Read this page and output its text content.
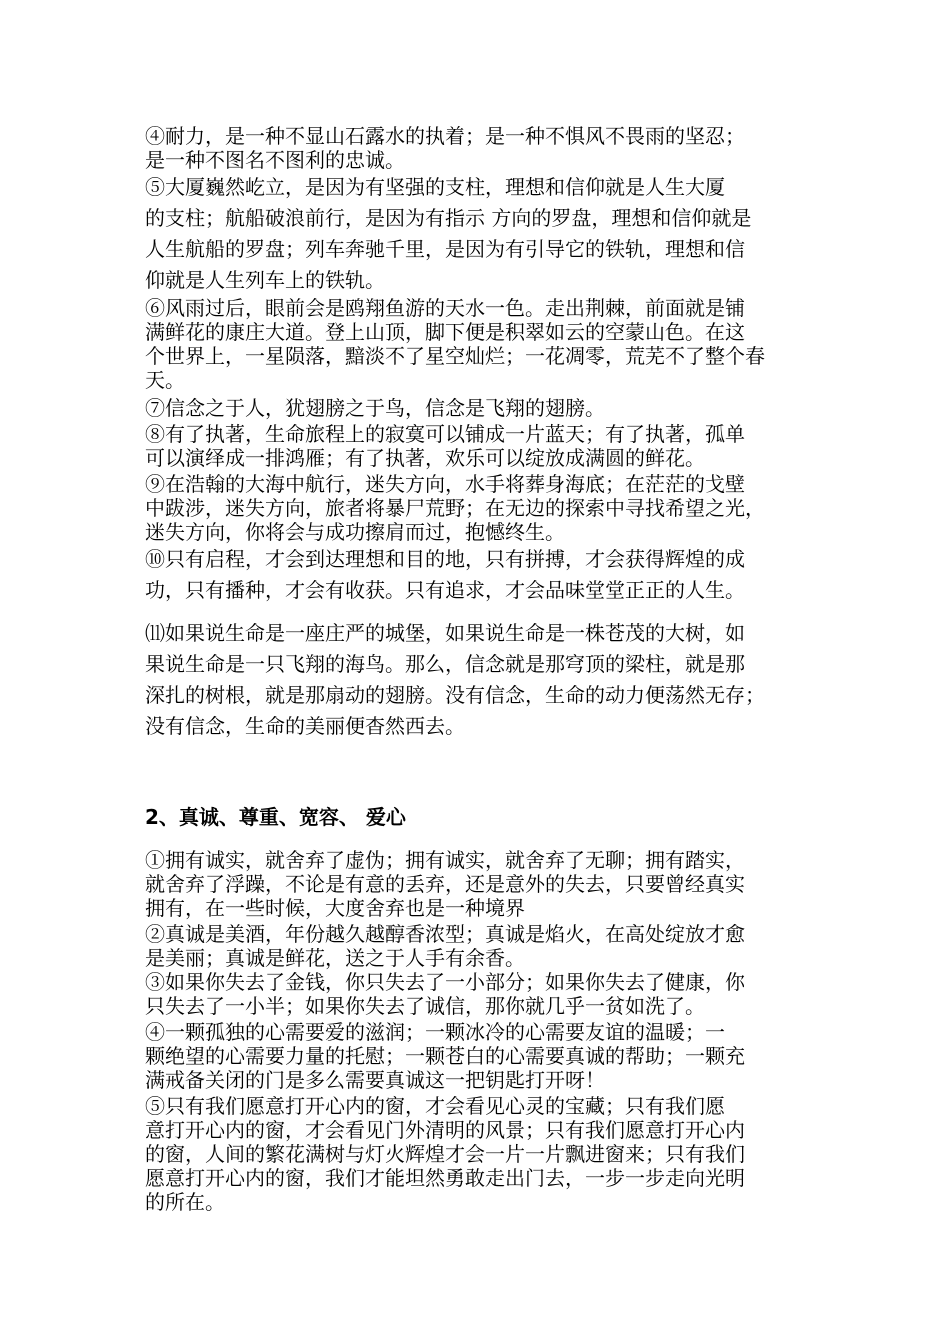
④耐力，是一种不显山石露水的执着；是一种不惧风不畏雨的坚忍；
是一种不图名不图利的忠诚。

⑤大厦巍然屹立，是因为有坚强的支柱，理想和信仰就是人生大厦
的支柱；航船破浪前行，是因为有指示 方向的罗盘，理想和信仰就是
人生航船的罗盘；列车奔驰千里，是因为有引导它的铁轨，理想和信
仰就是人生列车上的铁轨。

⑥风雨过后，眼前会是鸥翔鱼游的天水一色。走出荆棘，前面就是铺
满鲜花的康庄大道。登上山顶，脚下便是积翠如云的空蒙山色。在这
个世界上，一星陨落，黯淡不了星空灿烂；一花凋零，荒芜不了整个春
天。

⑦信念之于人，犹翅膀之于鸟，信念是飞翔的翅膀。

⑧有了执著，生命旅程上的寂寞可以铺成一片蓝天；有了执著，孤单
可以演绎成一排鸿雁；有了执著，欢乐可以绽放成满圆的鲜花。

⑨在浩翰的大海中航行，迷失方向，水手将葬身海底；在茫茫的戈壁
中跋涉，迷失方向，旅者将暴尸荒野；在无边的探索中寻找希望之光，
迷失方向，你将会与成功擦肩而过，抱憾终生。

⑩只有启程，才会到达理想和目的地，只有拼搏，才会获得辉煌的成
功，只有播种，才会有收获。只有追求，才会品味堂堂正正的人生。

⑾如果说生命是一座庄严的城堡，如果说生命是一株苍茂的大树，如
果说生命是一只飞翔的海鸟。那么，信念就是那穹顶的梁柱，就是那
深扎的树根，就是那扇动的翅膀。没有信念，生命的动力便荡然无存；
没有信念，生命的美丽便杳然西去。

2、真诚、尊重、宽容、 爱心

①拥有诚实，就舍弃了虚伪；拥有诚实，就舍弃了无聊；拥有踏实，
就舍弃了浮躁，不论是有意的丢弃，还是意外的失去，只要曾经真实
拥有，在一些时候，大度舍弃也是一种境界

②真诚是美酒，年份越久越醇香浓型；真诚是焰火，在高处绽放才愈
是美丽；真诚是鲜花，送之于人手有余香。

③如果你失去了金钱，你只失去了一小部分；如果你失去了健康，你
只失去了一小半；如果你失去了诚信，那你就几乎一贫如洗了。

④一颗孤独的心需要爱的滋润；一颗冰冷的心需要友谊的温暖；一
颗绝望的心需要力量的托慰；一颗苍白的心需要真诚的帮助；一颗充
满戒备关闭的门是多么需要真诚这一把钥匙打开呀！

⑤只有我们愿意打开心内的窗，才会看见心灵的宝藏；只有我们愿
意打开心内的窗，才会看见门外清明的风景；只有我们愿意打开心内
的窗，人间的繁花满树与灯火辉煌才会一片一片飘进窗来；只有我们
愿意打开心内的窗，我们才能坦然勇敢走出门去，一步一步走向光明
的所在。
